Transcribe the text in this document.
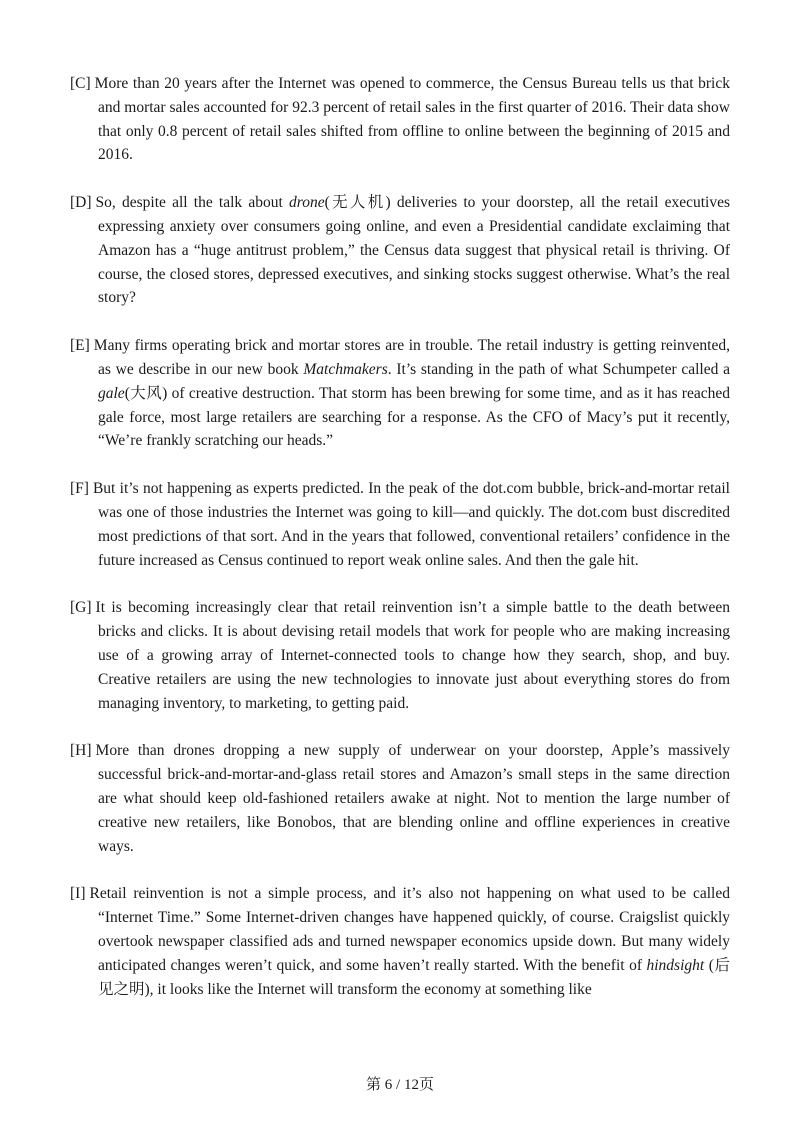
[C] More than 20 years after the Internet was opened to commerce, the Census Bureau tells us that brick and mortar sales accounted for 92.3 percent of retail sales in the first quarter of 2016. Their data show that only 0.8 percent of retail sales shifted from offline to online between the beginning of 2015 and 2016.

[D] So, despite all the talk about drone(无人机) deliveries to your doorstep, all the retail executives expressing anxiety over consumers going online, and even a Presidential candidate exclaiming that Amazon has a “huge antitrust problem,” the Census data suggest that physical retail is thriving. Of course, the closed stores, depressed executives, and sinking stocks suggest otherwise. What’s the real story?

[E] Many firms operating brick and mortar stores are in trouble. The retail industry is getting reinvented, as we describe in our new book Matchmakers. It’s standing in the path of what Schumpeter called a gale(大风) of creative destruction. That storm has been brewing for some time, and as it has reached gale force, most large retailers are searching for a response. As the CFO of Macy’s put it recently, “We’re frankly scratching our heads.”

[F] But it’s not happening as experts predicted. In the peak of the dot.com bubble, brick-and-mortar retail was one of those industries the Internet was going to kill—and quickly. The dot.com bust discredited most predictions of that sort. And in the years that followed, conventional retailers’ confidence in the future increased as Census continued to report weak online sales. And then the gale hit.

[G] It is becoming increasingly clear that retail reinvention isn’t a simple battle to the death between bricks and clicks. It is about devising retail models that work for people who are making increasing use of a growing array of Internet-connected tools to change how they search, shop, and buy. Creative retailers are using the new technologies to innovate just about everything stores do from managing inventory, to marketing, to getting paid.

[H] More than drones dropping a new supply of underwear on your doorstep, Apple’s massively successful brick-and-mortar-and-glass retail stores and Amazon’s small steps in the same direction are what should keep old-fashioned retailers awake at night. Not to mention the large number of creative new retailers, like Bonobos, that are blending online and offline experiences in creative ways.

[I] Retail reinvention is not a simple process, and it’s also not happening on what used to be called “Internet Time.” Some Internet-driven changes have happened quickly, of course. Craigslist quickly overtook newspaper classified ads and turned newspaper economics upside down. But many widely anticipated changes weren’t quick, and some haven’t really started. With the benefit of hindsight (后见之明), it looks like the Internet will transform the economy at something like

第 6 / 12页
